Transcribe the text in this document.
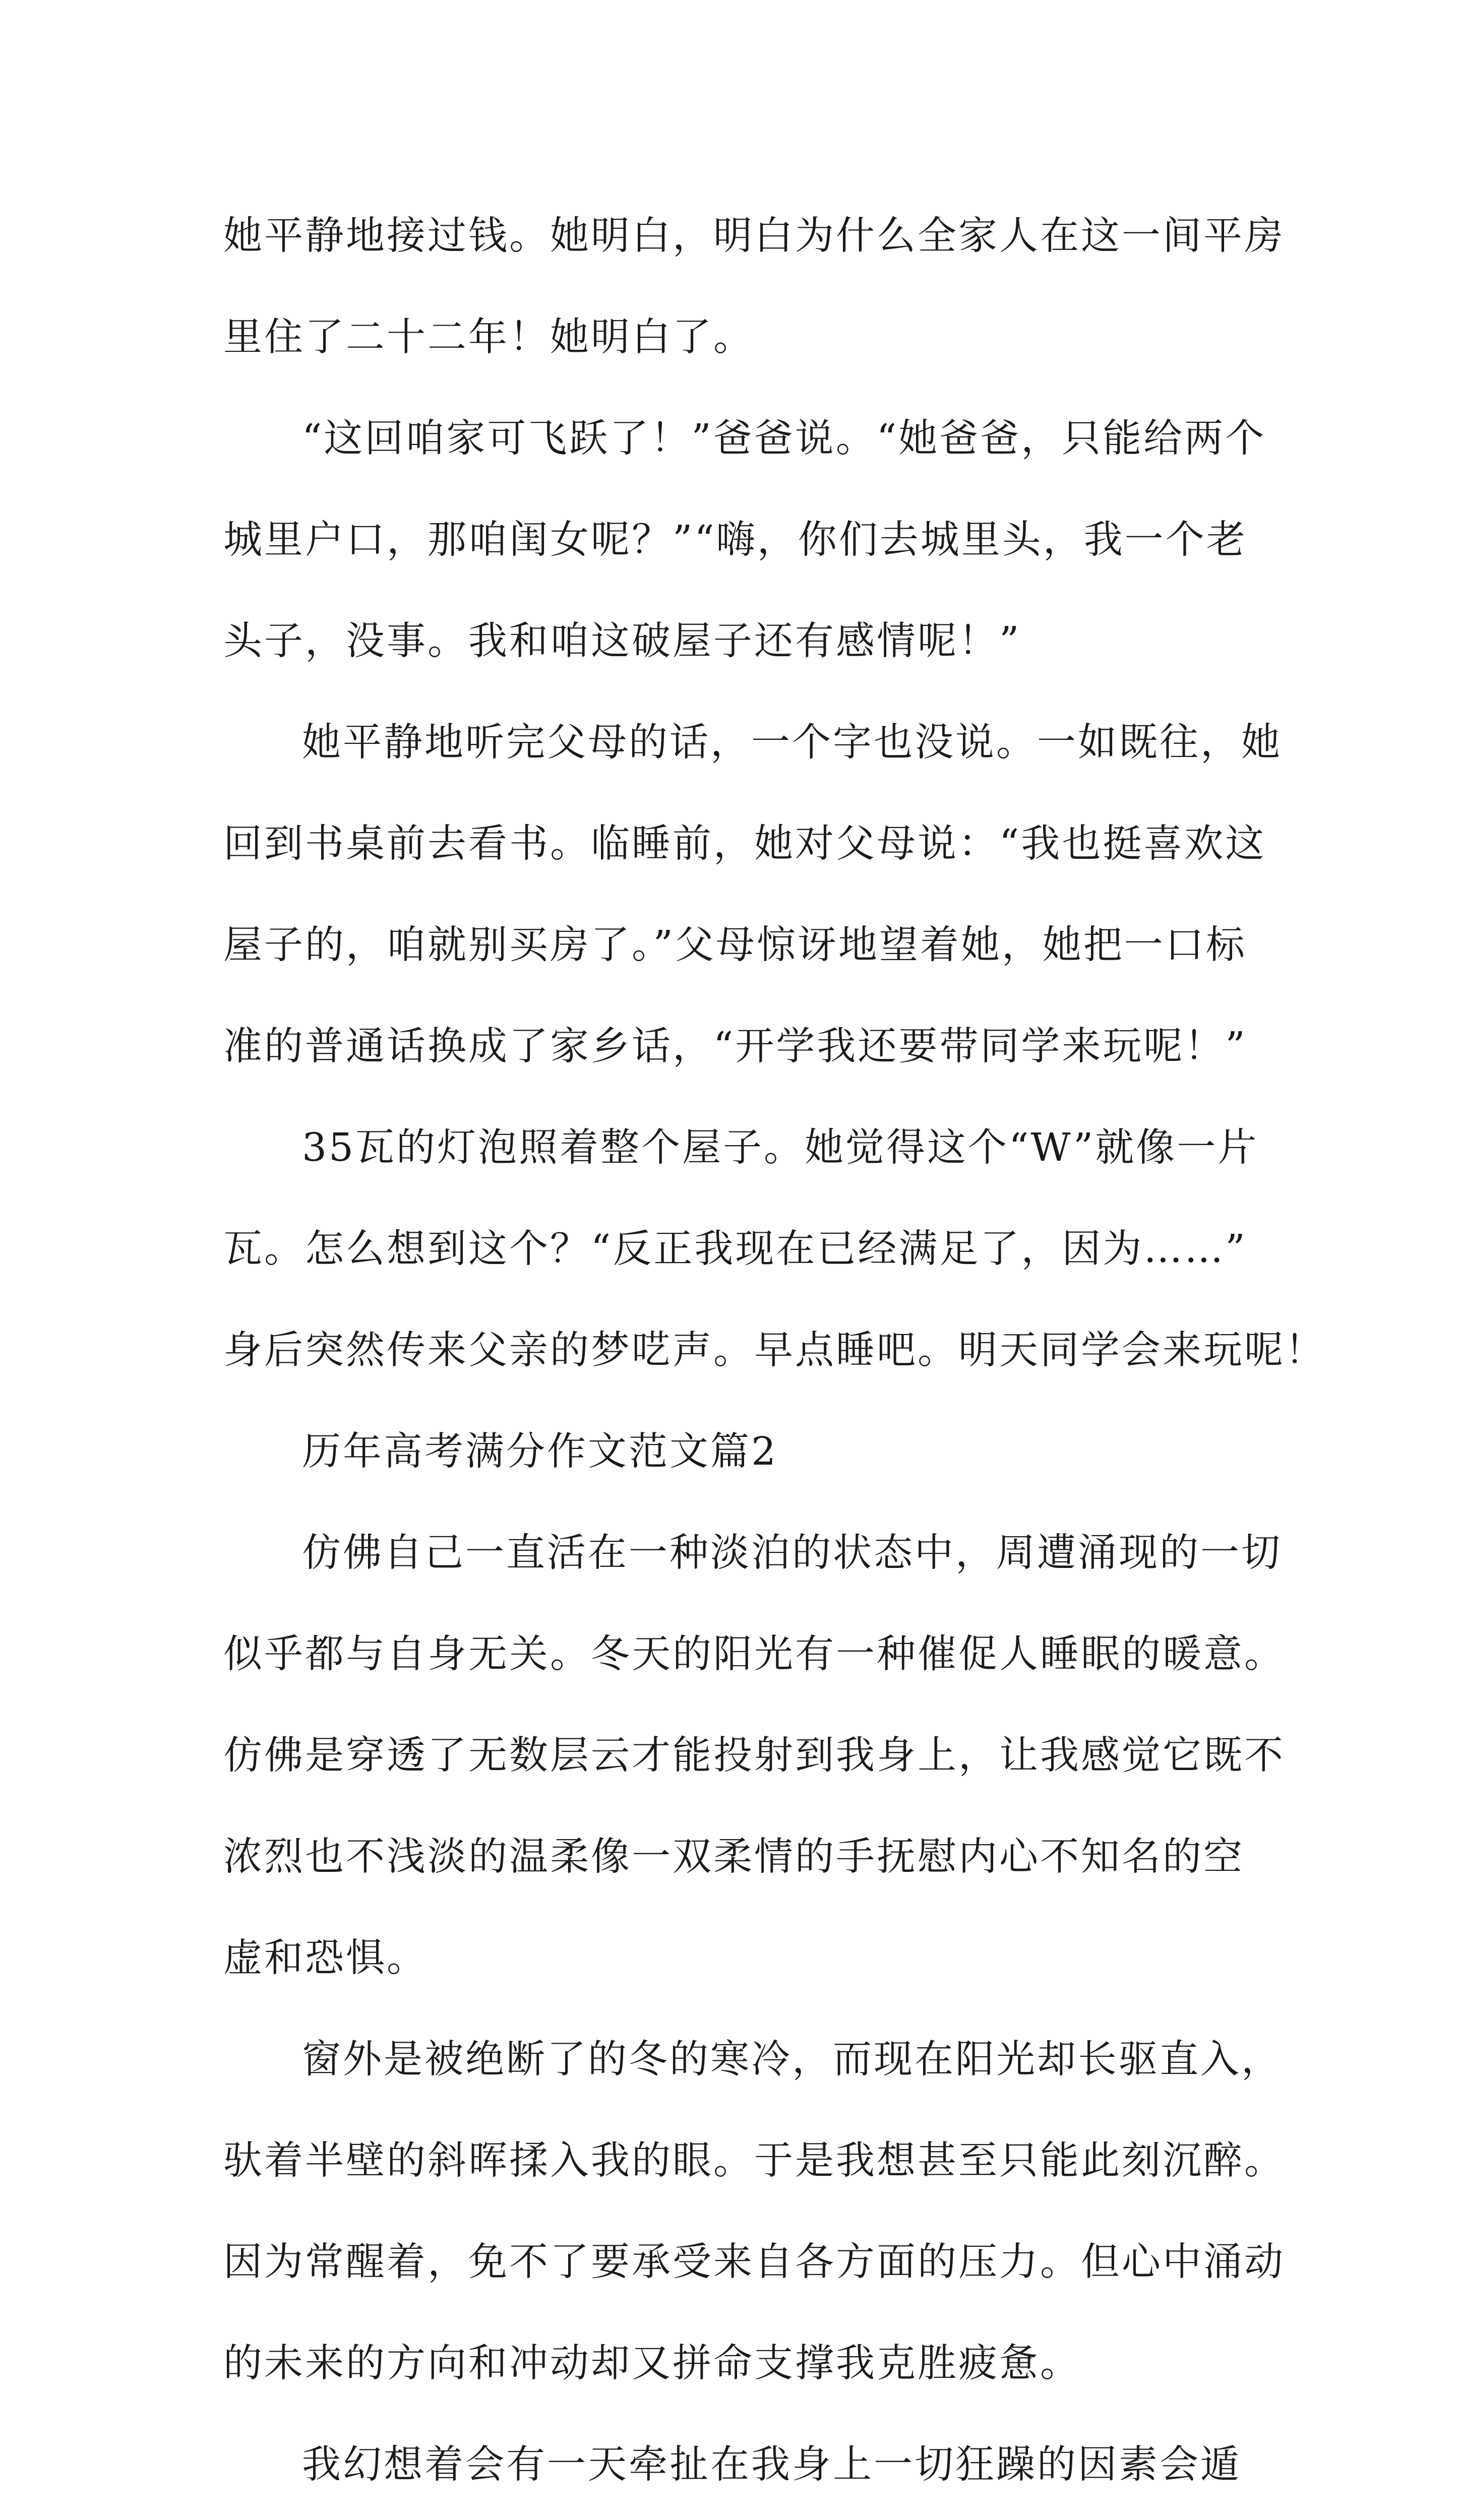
她平静地接过钱。她明白，明白为什么全家人在这一间平房
里住了二十二年！她明白了。
“这回咱家可飞跃了！”爸爸说。“她爸爸，只能给两个
城里户口，那咱闺女呢？”“嗨，你们去城里头，我一个老
头子，没事。我和咱这破屋子还有感情呢！”
她平静地听完父母的话，一个字也没说。一如既往，她
回到书桌前去看书。临睡前，她对父母说：“我也挺喜欢这
屋子的，咱就别买房了。”父母惊讶地望着她，她把一口标
准的普通话换成了家乡话，“开学我还要带同学来玩呢！”
35瓦的灯泡照着整个屋子。她觉得这个“W”就像一片
瓦。怎么想到这个？“反正我现在已经满足了，因为……”
身后突然传来父亲的梦呓声。早点睡吧。明天同学会来玩呢！
历年高考满分作文范文篇2
仿佛自己一直活在一种淡泊的状态中，周遭涌现的一切
似乎都与自身无关。冬天的阳光有一种催促人睡眠的暖意。
仿佛是穿透了无数层云才能投射到我身上，让我感觉它既不
浓烈也不浅淡的温柔像一双柔情的手抚慰内心不知名的空
虚和恐惧。
窗外是被绝断了的冬的寒冷，而现在阳光却长驱直入，
驮着半壁的斜晖揉入我的眼。于是我想甚至只能此刻沉醉。
因为常醒着，免不了要承受来自各方面的压力。但心中涌动
的未来的方向和冲动却又拼命支撑我克胜疲惫。
我幻想着会有一天牵扯在我身上一切狂躁的因素会遁
